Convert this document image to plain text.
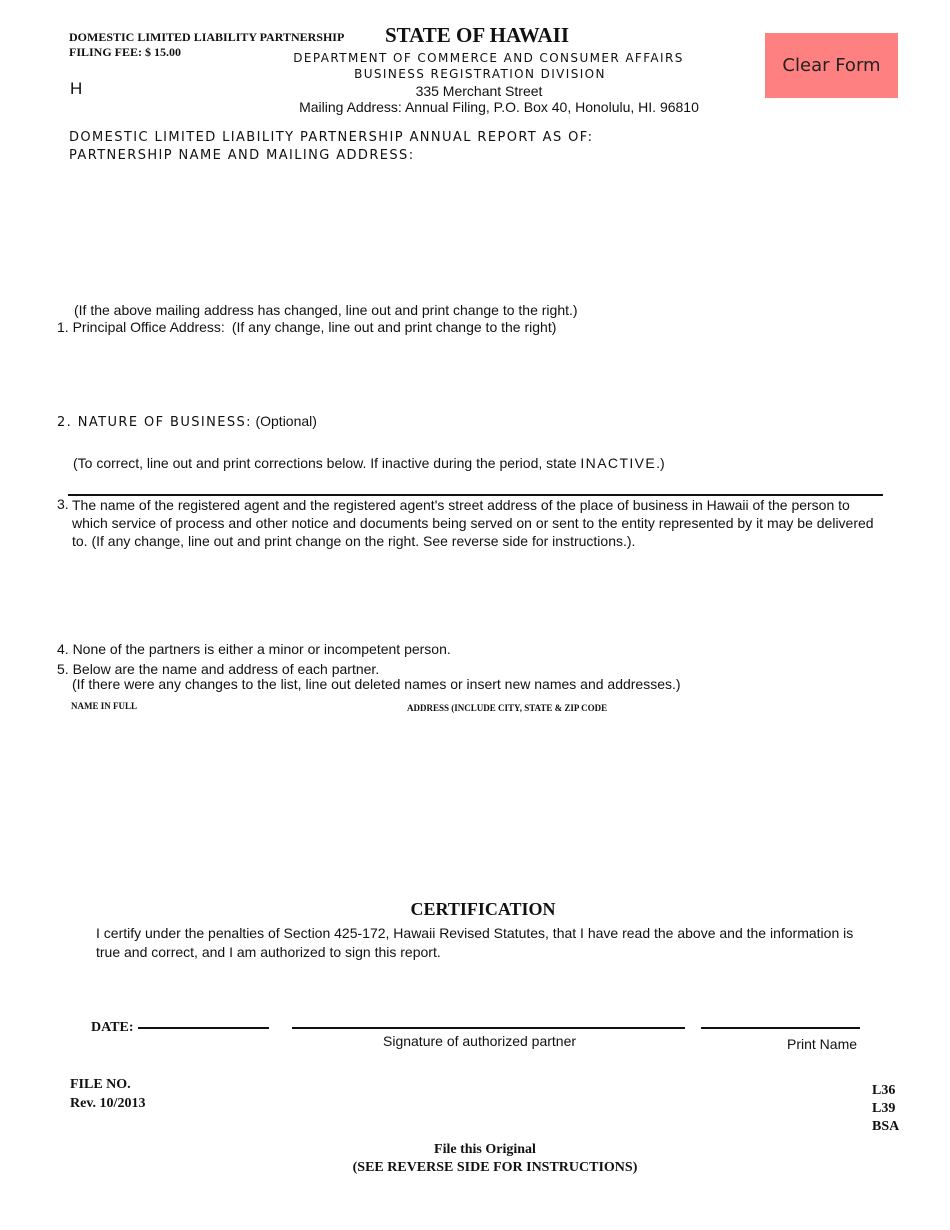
DOMESTIC LIMITED LIABILITY PARTNERSHIP
FILING FEE: $ 15.00
H
STATE OF HAWAII
DEPARTMENT OF COMMERCE AND CONSUMER AFFAIRS
BUSINESS REGISTRATION DIVISION
335 Merchant Street
Mailing Address: Annual Filing, P.O. Box 40, Honolulu, HI. 96810
Clear Form
DOMESTIC LIMITED LIABILITY PARTNERSHIP ANNUAL REPORT AS OF:
PARTNERSHIP NAME AND MAILING ADDRESS:
(If the above mailing address has changed, line out and print change to the right.)
1. Principal Office Address: (If any change, line out and print change to the right)
2. NATURE OF BUSINESS: (Optional)
(To correct, line out and print corrections below. If inactive during the period, state INACTIVE.)
3. The name of the registered agent and the registered agent's street address of the place of business in Hawaii of the person to which service of process and other notice and documents being served on or sent to the entity represented by it may be delivered to. (If any change, line out and print change on the right. See reverse side for instructions.).
4. None of the partners is either a minor or incompetent person.
5. Below are the name and address of each partner.
(If there were any changes to the list, line out deleted names or insert new names and addresses.)
NAME IN FULL	ADDRESS (INCLUDE CITY, STATE & ZIP CODE
CERTIFICATION
I certify under the penalties of Section 425-172, Hawaii Revised Statutes, that I have read the above and the information is true and correct, and I am authorized to sign this report.
DATE:
Signature of authorized partner	Print Name
FILE NO.
Rev. 10/2013
L36
L39
BSA
File this Original
(SEE REVERSE SIDE FOR INSTRUCTIONS)
